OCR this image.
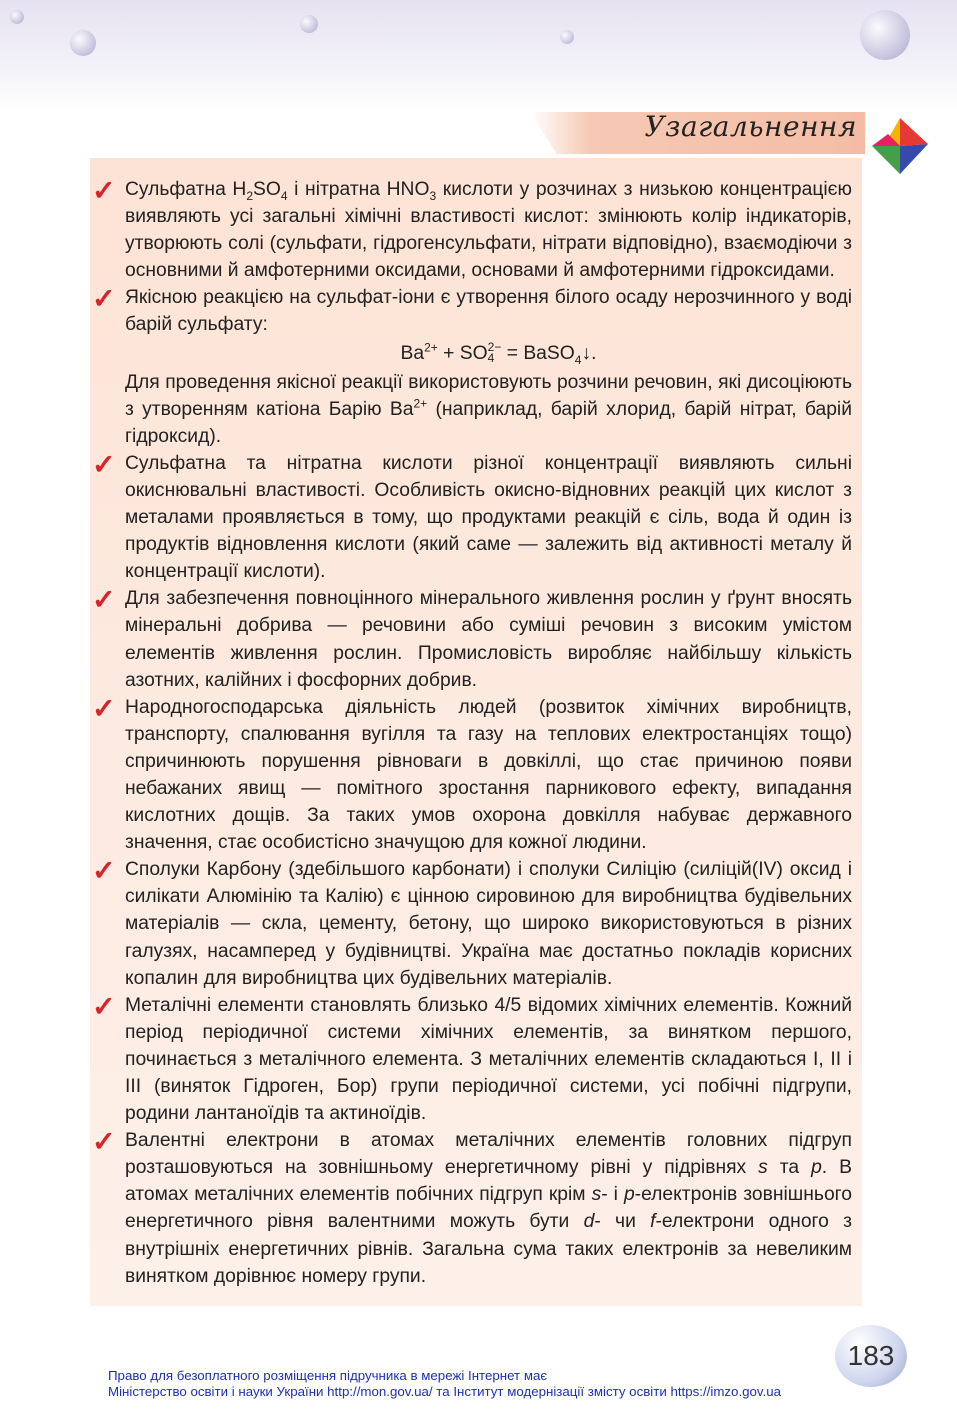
Узагальнення
✓ Сульфатна $H_2SO_4$ і нітратна $HNO_3$ кислоти у розчинах з низькою концентрацією виявляють усі загальні хімічні властивості кислот: змінюють колір індикаторів, утворюють солі (сульфати, гідрогенсульфати, нітрати відповідно), взаємодіючи з основними й амфотерними оксидами, основами й амфотерними гідроксидами.
✓ Якісною реакцією на сульфат-іони є утворення білого осаду нерозчинного у воді барій сульфату:
$Ba^{2+}$ + SO 2−
4 = BaSO$_4$↓.
Для проведення якісної реакції використовують розчини речовин, які дисоціюють з утворенням катіона Барію $Ba^{2+}$ (наприклад, барій хлорид, барій нітрат, барій гідроксид).
✓ Сульфатна та нітратна кислоти різної концентрації виявляють сильні окиснювальні властивості. Особливість окисно-відновних реакцій цих кислот з металами проявляється в тому, що продуктами реакцій є сіль, вода й один із продуктів відновлення кислоти (який саме — залежить від активності металу й концентрації кислоти).
✓ Для забезпечення повноцінного мінерального живлення рослин у ґрунт вносять мінеральні добрива — речовини або суміші речовин з високим умістом елементів живлення рослин. Промисловість виробляє найбільшу кількість азотних, калійних і фосфорних добрив.
✓ Народногосподарська діяльність людей (розвиток хімічних виробництв, транспорту, спалювання вугілля та газу на теплових електростанціях тощо) спричинюють порушення рівноваги в довкіллі, що стає причиною появи небажаних явищ — помітного зростання парникового ефекту, випадання кислотних дощів. За таких умов охорона довкілля набуває державного значення, стає особистісно значущою для кожної людини.
✓ Сполуки Карбону (здебільшого карбонати) і сполуки Силіцію (силіцій(IV) оксид і силікати Алюмінію та Калію) є цінною сировиною для виробництва будівельних матеріалів — скла, цементу, бетону, що широко використовуються в різних галузях, насамперед у будівництві. Україна має достатньо покладів корисних копалин для виробництва цих будівельних матеріалів.
✓ Металічні елементи становлять близько 4/5 відомих хімічних елементів. Кожний період періодичної системи хімічних елементів, за винятком першого, починається з металічного елемента. З металічних елементів складаються I, II і III (виняток Гідроген, Бор) групи періодичної системи, усі побічні підгрупи, родини лантаноїдів та актиноїдів.
✓ Валентні електрони в атомах металічних елементів головних підгруп розташовуються на зовнішньому енергетичному рівні у підрівнях s та p. В атомах металічних елементів побічних підгруп крім s- і p-електронів зовнішнього енергетичного рівня валентними можуть бути d- чи f-електрони одного з внутрішніх енергетичних рівнів. Загальна сума таких електронів за невеликим винятком дорівнює номеру групи.
183
Право для безоплатного розміщення підручника в мережі Інтернет має
Міністерство освіти і науки України http://mon.gov.ua/ та Інститут модернізації змісту освіти https://imzo.gov.ua
